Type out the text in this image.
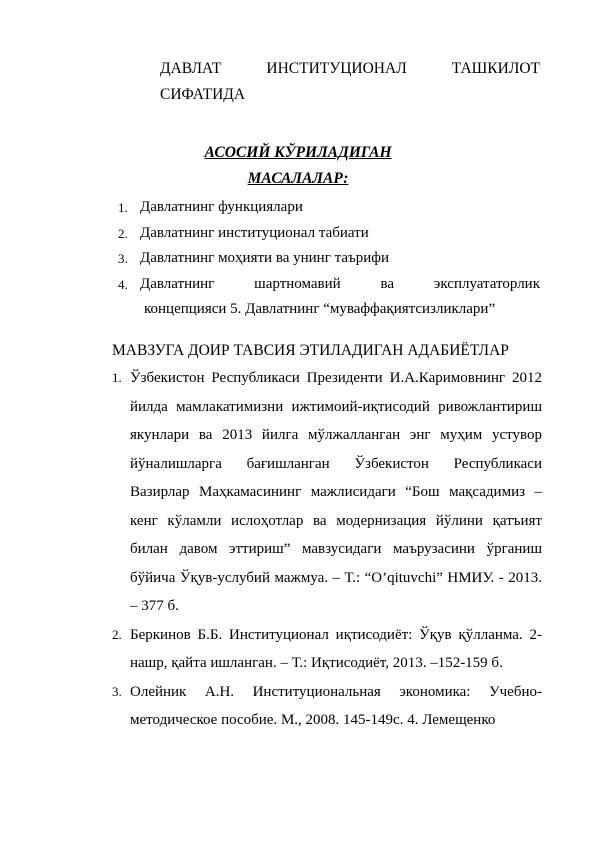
ДАВЛАТ	ИНСТИТУЦИОНАЛ	ТАШКИЛОТ
СИФАТИДА
АСОСИЙ КЎРИЛАДИГАН
МАСАЛАЛАР:
1. Давлатнинг функциялари
2. Давлатнинг институционал табиати
3. Давлатнинг моҳияти ва унинг таърифи
4. Давлатнинг шартномавий ва эксплуататорлик
концепцияси 5. Давлатнинг “муваффақиятсизликлари”
МАВЗУГА ДОИР ТАВСИЯ ЭТИЛАДИГАН АДАБИЁТЛАР
1. Ўзбекистон Республикаси Президенти И.А.Каримовнинг 2012 йилда мамлакатимизни ижтимоий-иқтисодий ривожлантириш якунлари ва 2013 йилга мўлжалланган энг муҳим устувор йўналишларга бағишланган Ўзбекистон Республикаси Вазирлар Маҳкамасининг мажлисидаги “Бош мақсадимиз – кенг кўламли ислоҳотлар ва модернизация йўлини қатъият билан давом эттириш” мавзусидаги маърузасини ўрганиш бўйича Ўқув-услубий мажмуа. – Т.: “O’qituvchi” НМИУ. - 2013. – 377 б.
2. Беркинов Б.Б. Институционал иқтисодиёт: Ўқув қўлланма. 2-нашр, қайта ишланган. – Т.: Иқтисодиёт, 2013. –152-159 б.
3. Олейник А.Н. Институциональная экономика: Учебно-методическое пособие. М., 2008. 145-149с. 4. Лемещенко
